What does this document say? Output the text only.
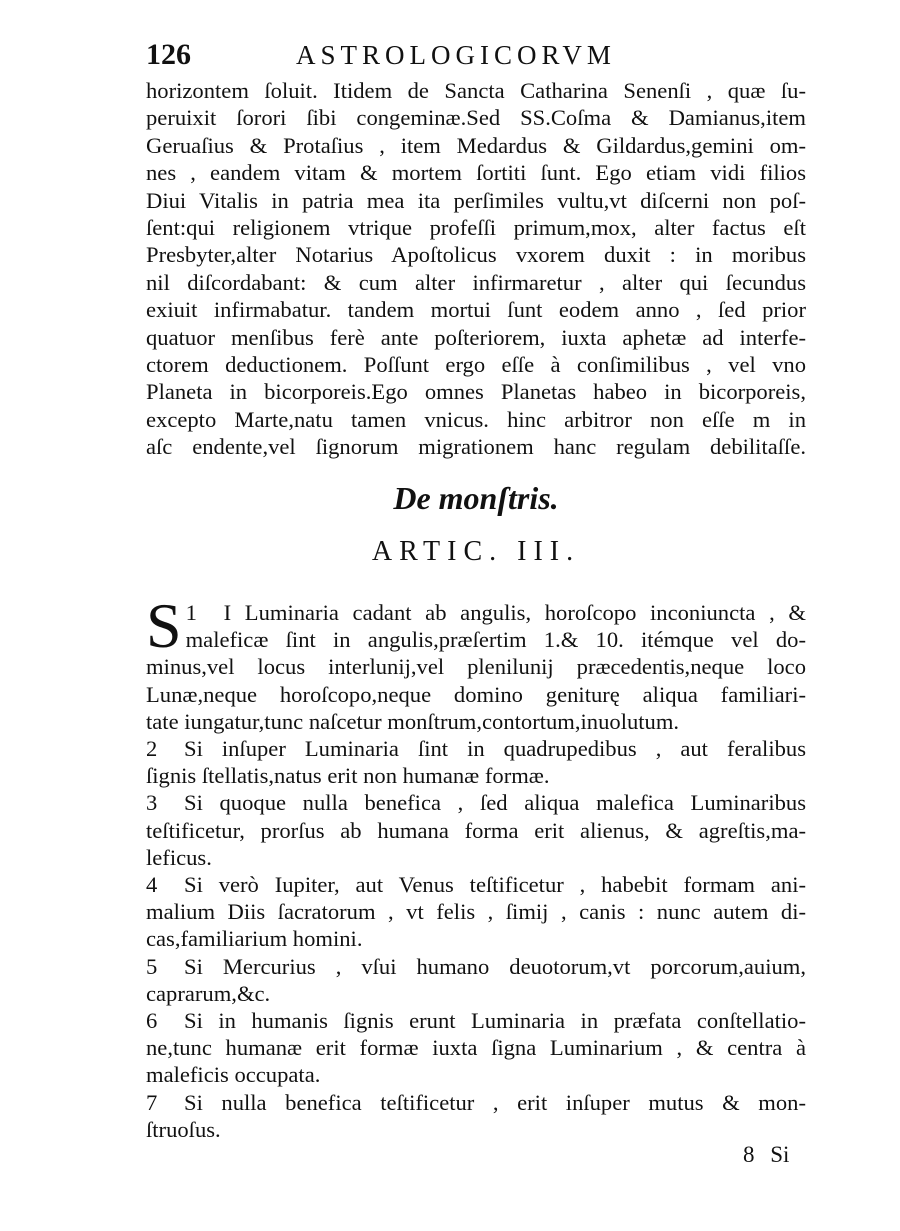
126	ASTROLOGICORVM
horizontem ſoluit. Itidem de Sancta Catharina Senenſi , quæ ſu-
peruixit ſorori ſibi congeminæ.Sed SS.Coſma & Damianus,item
Geruaſius & Protaſius , item Medardus & Gildardus,gemini om-
nes , eandem vitam & mortem ſortiti ſunt. Ego etiam vidi filios
Diui Vitalis in patria mea ita perſimiles vultu,vt diſcerni non poſ-
ſent:qui religionem vtrique profeſſi primum,mox, alter factus eſt
Presbyter,alter Notarius Apoſtolicus vxorem duxit : in moribus
nil diſcordabant: & cum alter infirmaretur , alter qui ſecundus
exiuit infirmabatur. tandem mortui ſunt eodem anno , ſed prior
quatuor menſibus ferè ante poſteriorem, iuxta aphetæ ad interfe-
ctorem deductionem. Poſſunt ergo eſſe à conſimilibus , vel vno
Planeta in bicorporeis.Ego omnes Planetas habeo in bicorporeis,
excepto Marte,natu tamen vnicus. hinc arbitror non eſſe m in
aſc endente,vel ſignorum migrationem hanc regulam debilitaſſe.
De monſtris.
ARTIC. III.
1
S I Luminaria cadant ab angulis, horoſcopo inconiuncta , &
maleficæ ſint in angulis,præſertim 1.& 10. itémque vel do-
minus,vel locus interlunij,vel plenilunij præcedentis,neque loco
Lunæ,neque horoſcopo,neque domino geniturę aliqua familiari-
tate iungatur,tunc naſcetur monſtrum,contortum,inuolutum.
2 Si inſuper Luminaria ſint in quadrupedibus , aut feralibus
ſignis ſtellatis,natus erit non humanæ formæ.
3 Si quoque nulla benefica , ſed aliqua malefica Luminaribus
teſtificetur, prorſus ab humana forma erit alienus, & agreſtis,ma-
leficus.
4 Si verò Iupiter, aut Venus teſtificetur , habebit formam ani-
malium Diis ſacratorum , vt felis , ſimij , canis : nunc autem di-
cas,familiarium homini.
5 Si Mercurius , vſui humano deuotorum,vt porcorum,auium,
caprarum,&c.
6 Si in humanis ſignis erunt Luminaria in præfata conſtellatio-
ne,tunc humanæ erit formæ iuxta ſigna Luminarium , & centra à
maleficis occupata.
7 Si nulla benefica teſtificetur , erit inſuper mutus & mon-
ſtruoſus.
8 Si
